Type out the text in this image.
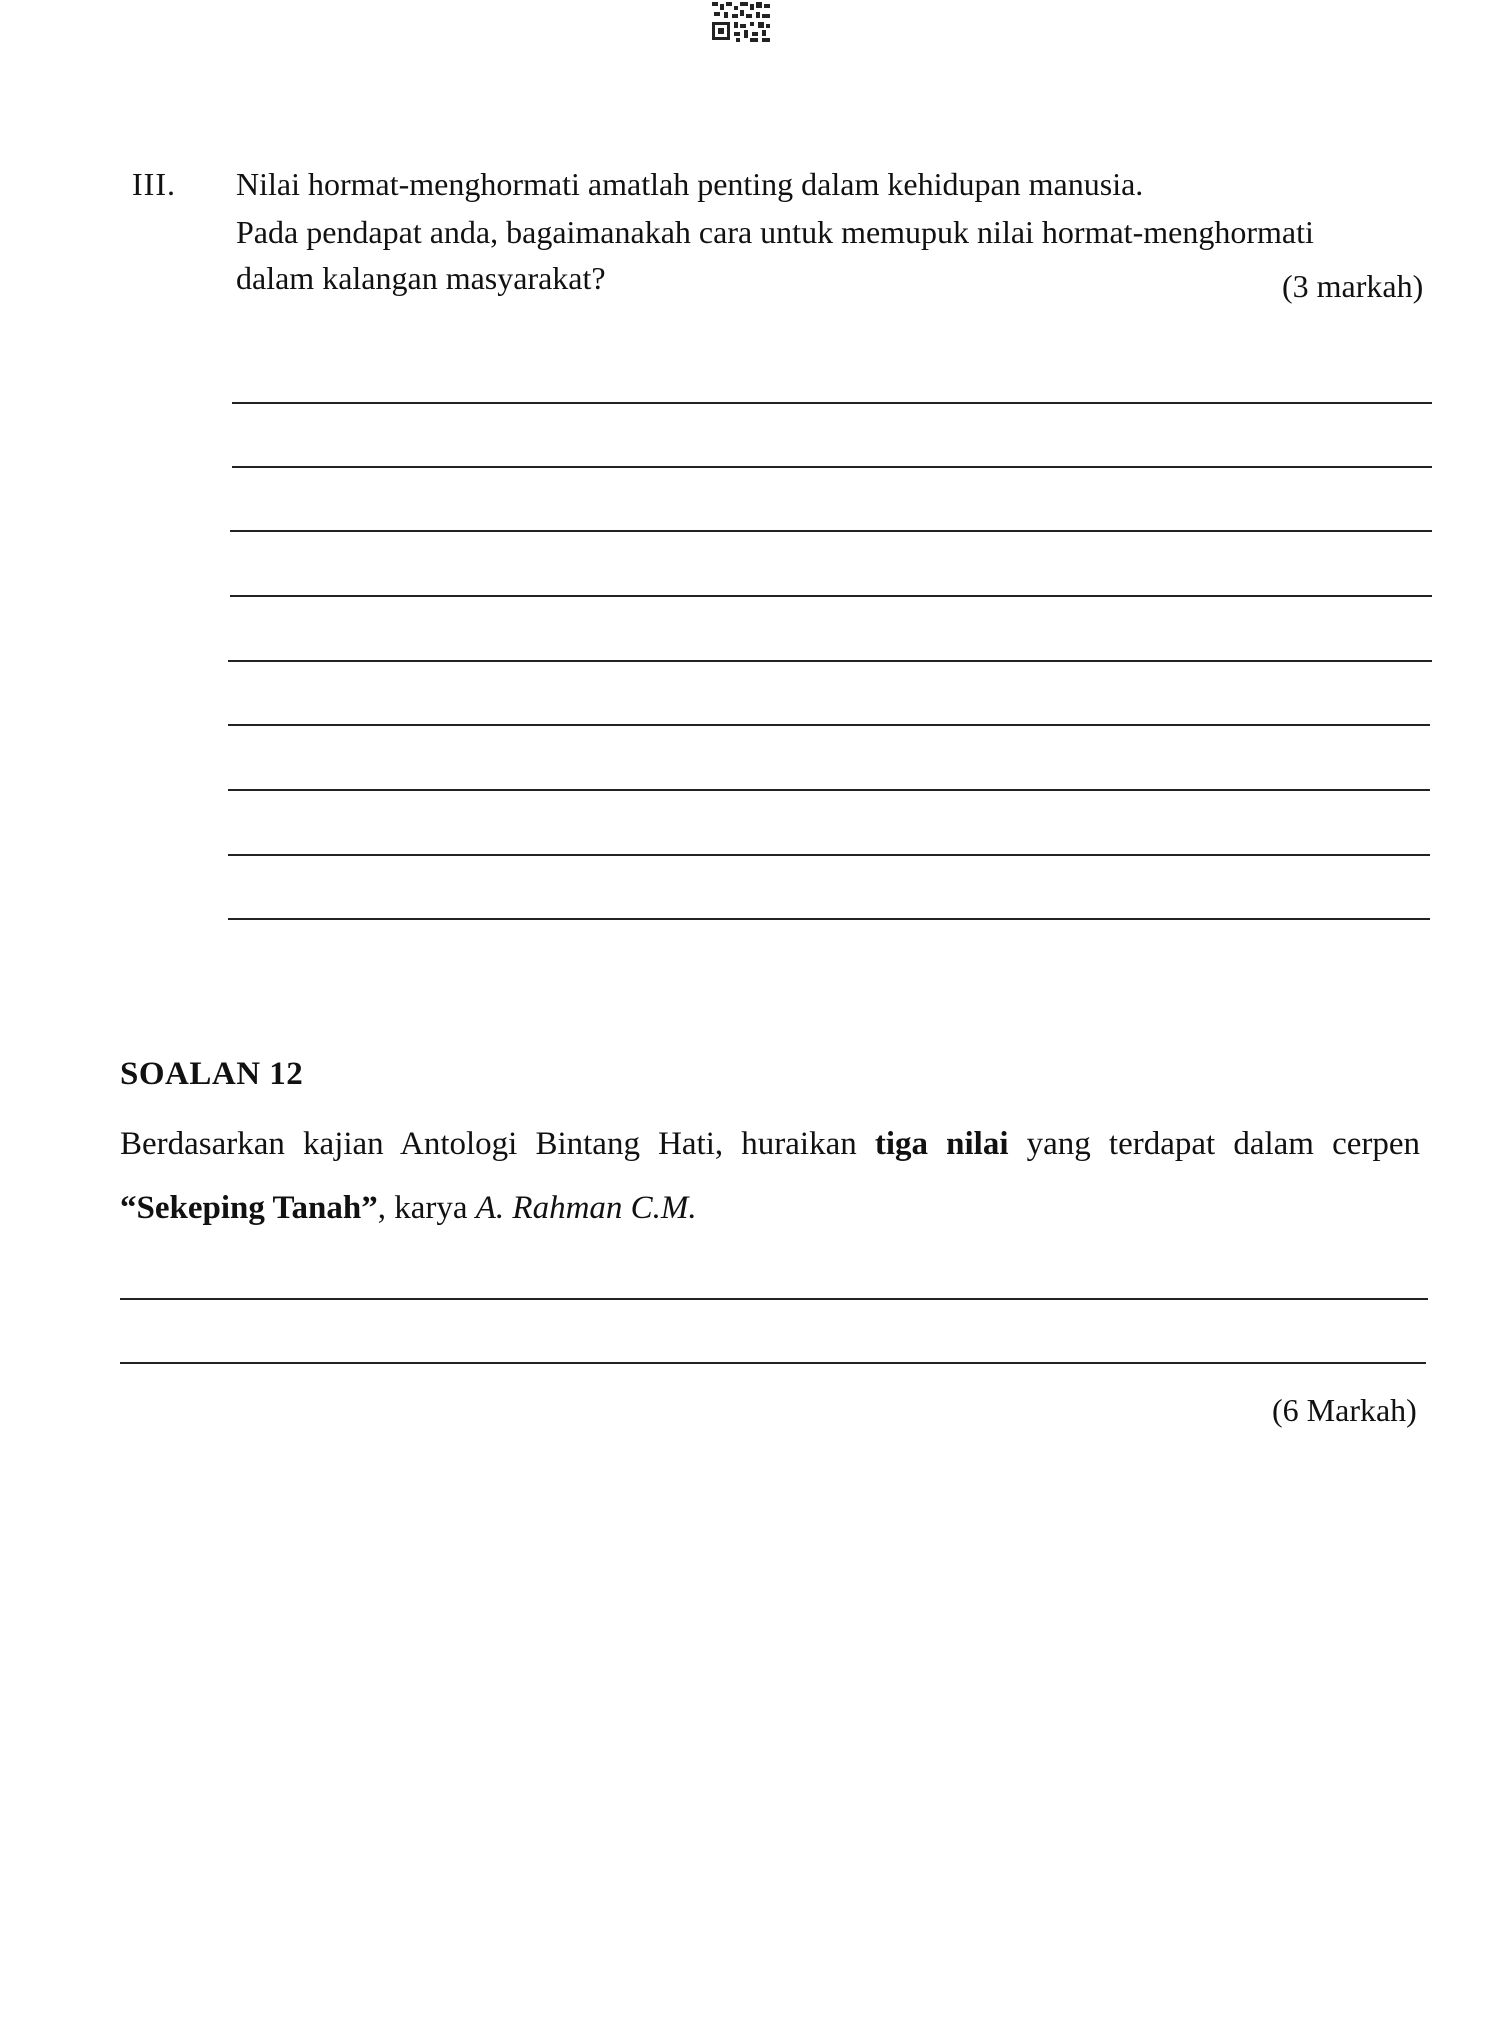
III. Nilai hormat-menghormati amatlah penting dalam kehidupan manusia.
Pada pendapat anda, bagaimanakah cara untuk memupuk nilai hormat-menghormati
dalam kalangan masyarakat?	(3 markah)
SOALAN 12
Berdasarkan kajian Antologi Bintang Hati, huraikan tiga nilai yang terdapat dalam cerpen
“Sekeping Tanah”, karya A. Rahman C.M.
(6 Markah)
